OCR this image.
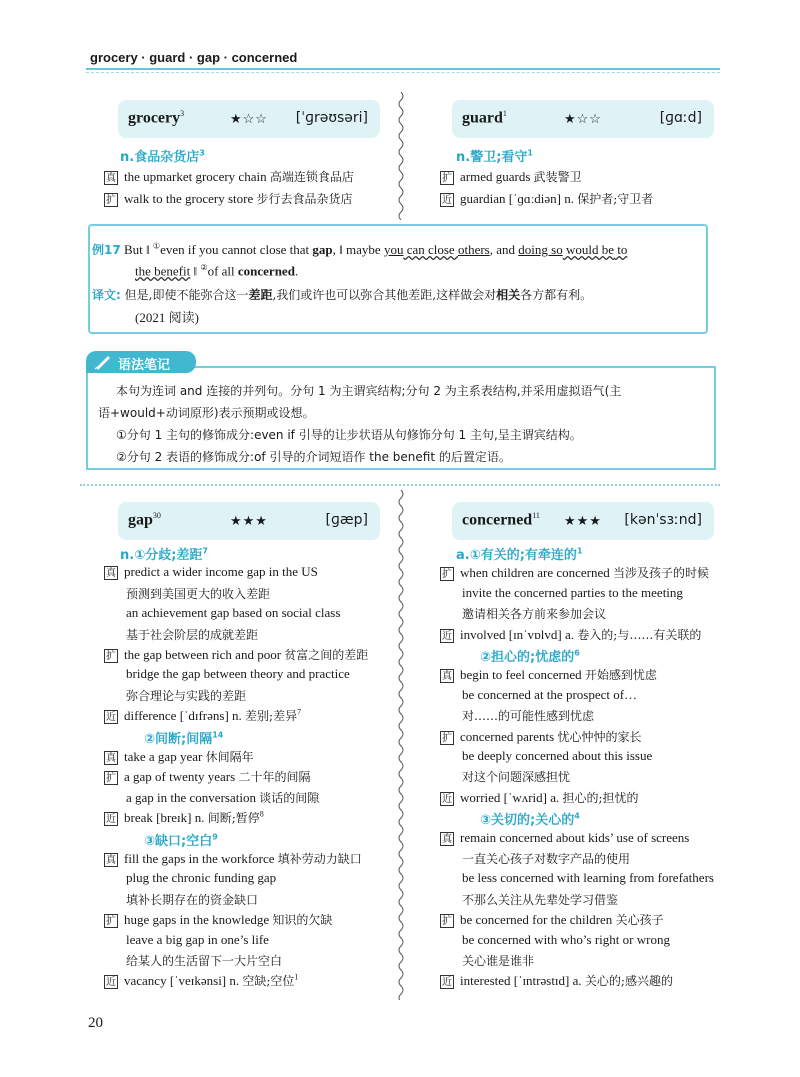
grocery · guard · gap · concerned
grocery$^3$	★☆☆ [ˈɡrəʊsəri]	guard$^1$	★☆☆	[ɡɑːd]
n.食品杂货店$^3$
真 the upmarket grocery chain 高端连锁食品店
扩 walk to the grocery store 步行去食品杂货店
n.警卫;看守$^1$
扩 armed guards 武装警卫
近 guardian [ˈɡɑːdiən] n. 保护者;守卫者
例17 But ‖ ①even if you cannot close that gap, ‖ maybe you can close others, and doing so would be to
the benefit ‖ ②of all concerned.
译文: 但是,即使不能弥合这一差距,我们或许也可以弥合其他差距,这样做会对相关各方都有利。
(2021 阅读)
语法笔记
本句为连词 and 连接的并列句。分句 1 为主谓宾结构;分句 2 为主系表结构,并采用虚拟语气(主
语+would+动词原形)表示预期或设想。
①分句 1 主句的修饰成分:even if 引导的让步状语从句修饰分句 1 主句,呈主谓宾结构。
②分句 2 表语的修饰成分:of 引导的介词短语作 the benefit 的后置定语。
gap$^{30}$	★★★	[ɡæp]	concerned$^{11}$ ★★★ [kənˈsɜːnd]
n.①分歧;差距$^7$
真 predict a wider income gap in the US
预测到美国更大的收入差距
an achievement gap based on social class
基于社会阶层的成就差距
扩 the gap between rich and poor 贫富之间的差距
bridge the gap between theory and practice
弥合理论与实践的差距
近 difference [ˈdɪfrəns] n. 差别;差异$^7$
②间断;间隔$^{14}$
真 take a gap year 休间隔年
扩 a gap of twenty years 二十年的间隔
a gap in the conversation 谈话的间隙
近 break [breɪk] n. 间断;暂停$^8$
③缺口;空白$^9$
真 fill the gaps in the workforce 填补劳动力缺口
plug the chronic funding gap
填补长期存在的资金缺口
扩 huge gaps in the knowledge 知识的欠缺
leave a big gap in one’s life
给某人的生活留下一大片空白
近 vacancy [ˈveɪkənsi] n. 空缺;空位$^1$
a.①有关的;有牵连的$^1$
扩 when children are concerned 当涉及孩子的时候
invite the concerned parties to the meeting
邀请相关各方前来参加会议
近 involved [ɪnˈvɒlvd] a. 卷入的;与……有关联的
②担心的;忧虑的$^6$
真 begin to feel concerned 开始感到忧虑
be concerned at the prospect of…
对……的可能性感到忧虑
扩 concerned parents 忧心忡忡的家长
be deeply concerned about this issue
对这个问题深感担忧
近 worried [ˈwʌrid] a. 担心的;担忧的
③关切的;关心的$^4$
真 remain concerned about kids’ use of screens
一直关心孩子对数字产品的使用
be less concerned with learning from forefathers
不那么关注从先辈处学习借鉴
扩 be concerned for the children 关心孩子
be concerned with who’s right or wrong
关心谁是谁非
近 interested [ˈɪntrəstɪd] a. 关心的;感兴趣的
20
